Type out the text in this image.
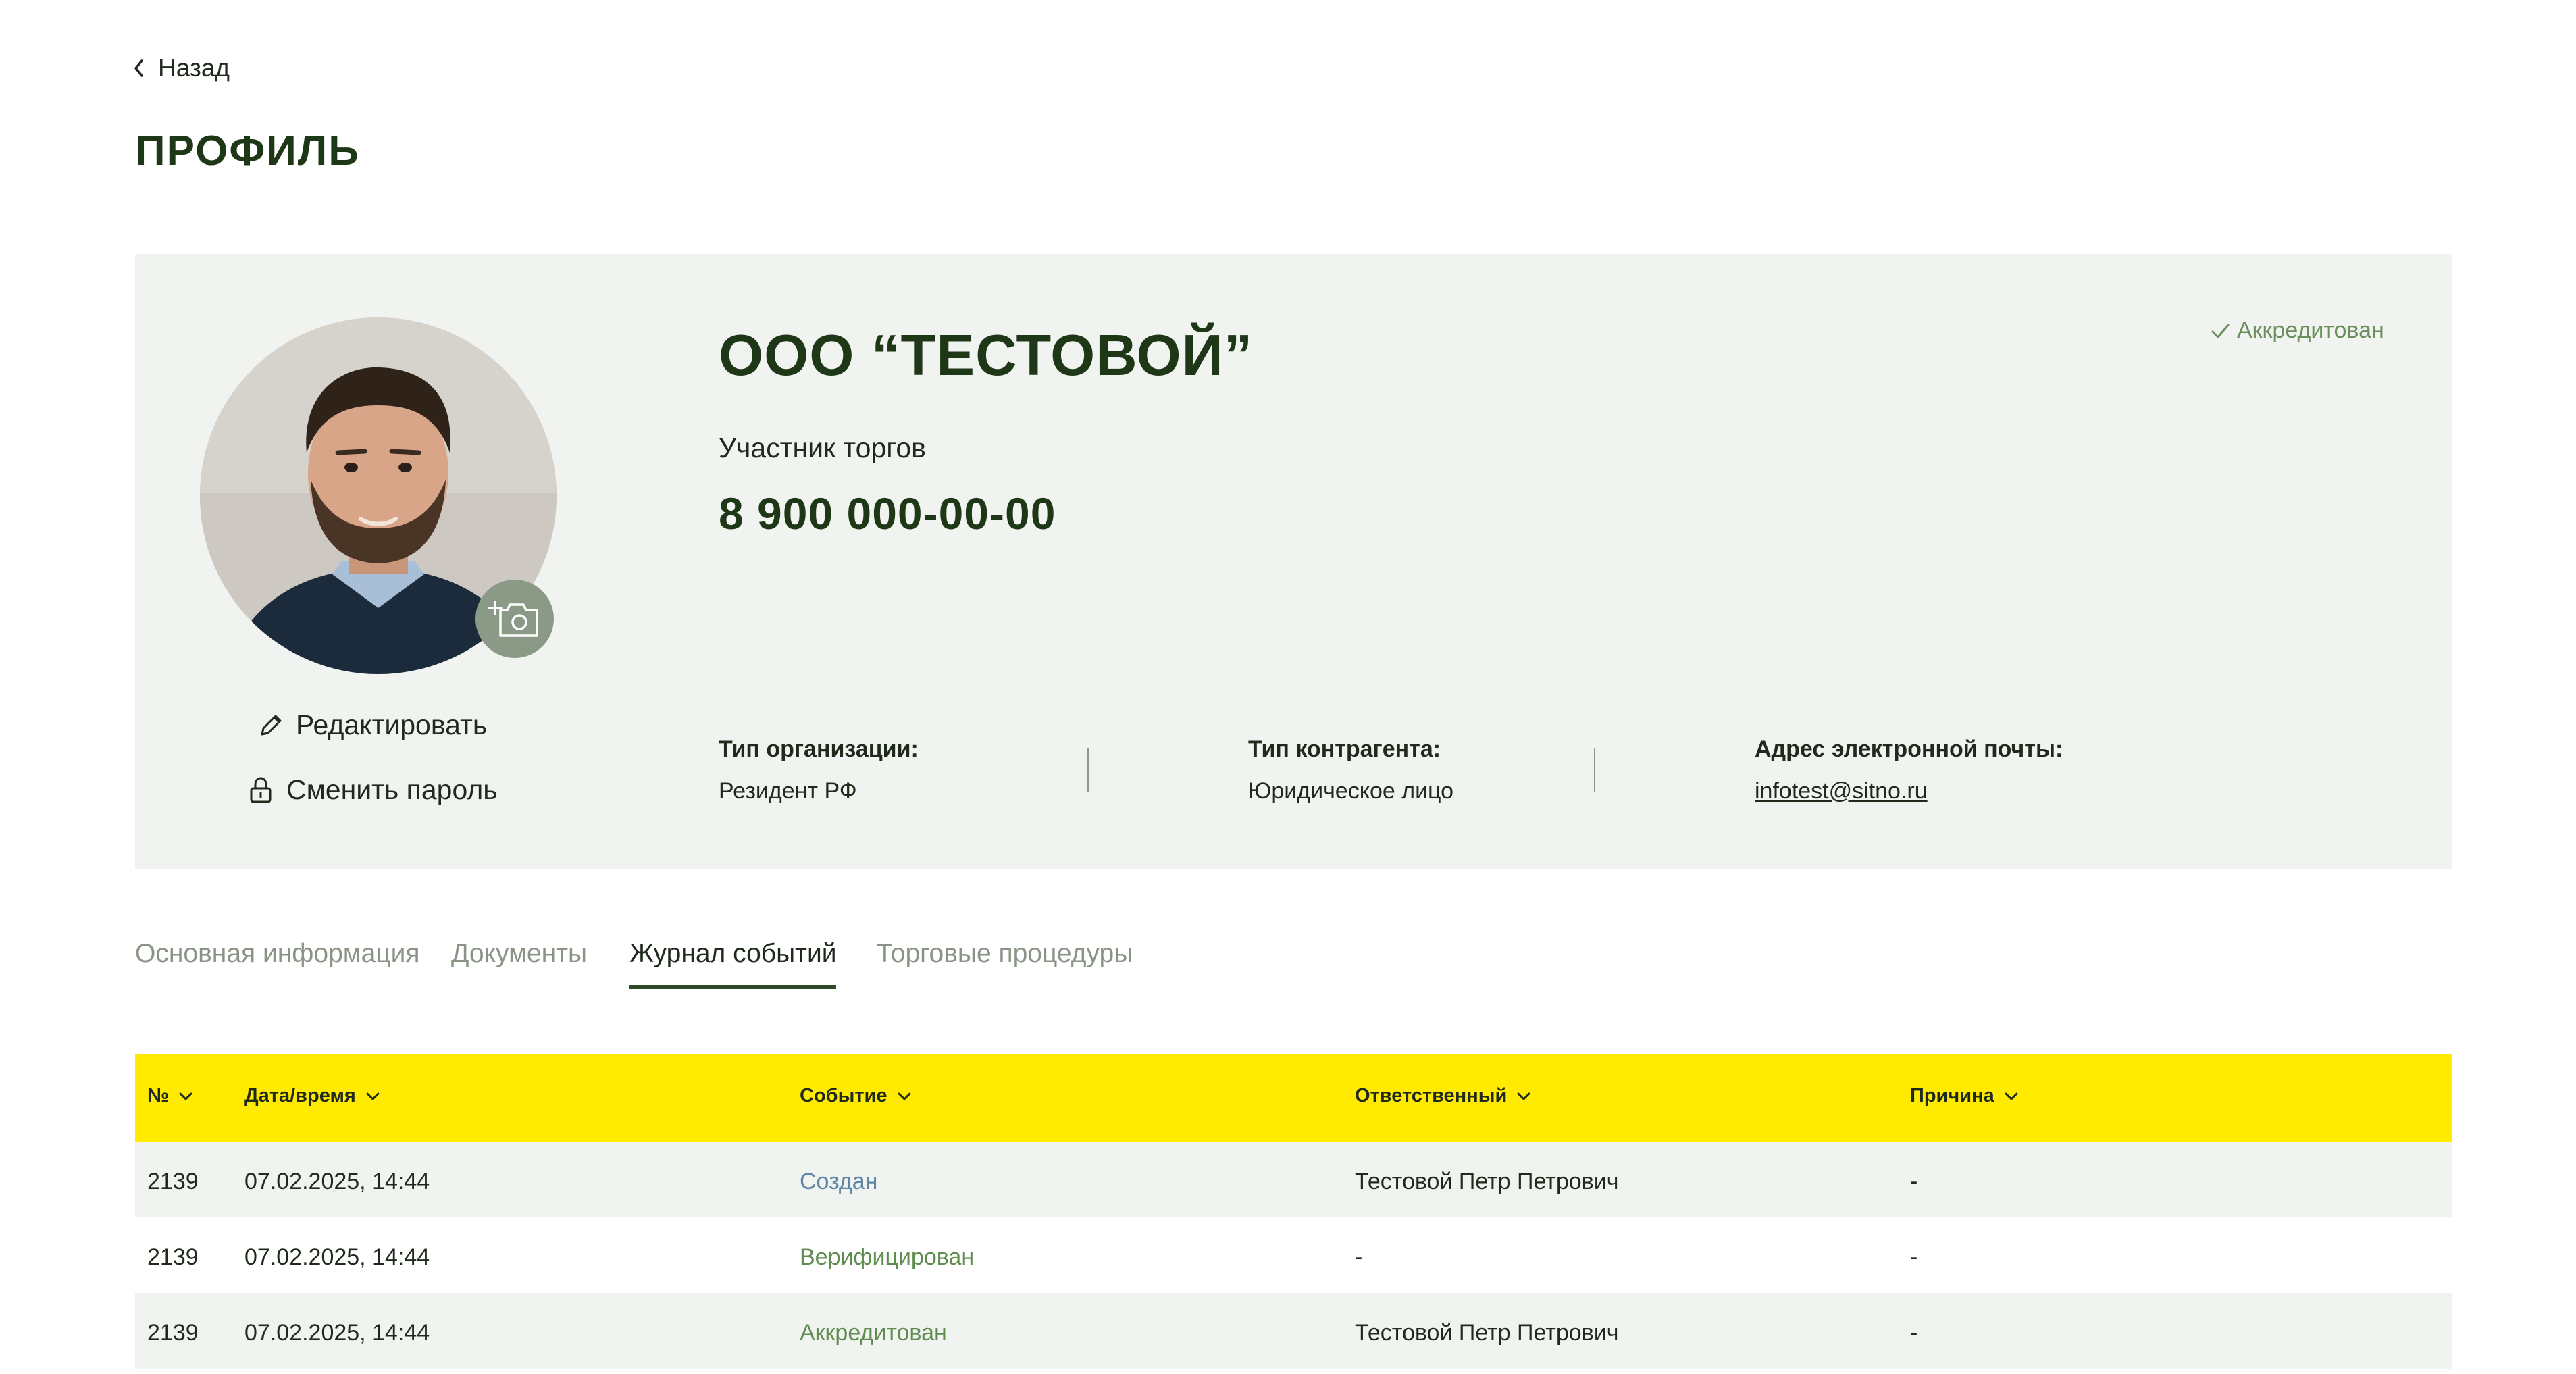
Назад
ПРОФИЛЬ
Редактировать
Сменить пароль
ООО “ТЕСТОВОЙ”
Участник торгов
8 900 000-00-00
Аккредитован
Тип организации:
Резидент РФ
Тип контрагента:
Юридическое лицо
Адрес электронной почты:
infotest@sitno.ru
Основная информация Документы Журнал событий Торговые процедуры
№	Дата/время	Событие	Ответственный	Причина
2139 07.02.2025, 14:44	Создан	Тестовой Петр Петрович	-
2139 07.02.2025, 14:44	Верифицирован	-	-
2139 07.02.2025, 14:44	Аккредитован	Тестовой Петр Петрович	-
